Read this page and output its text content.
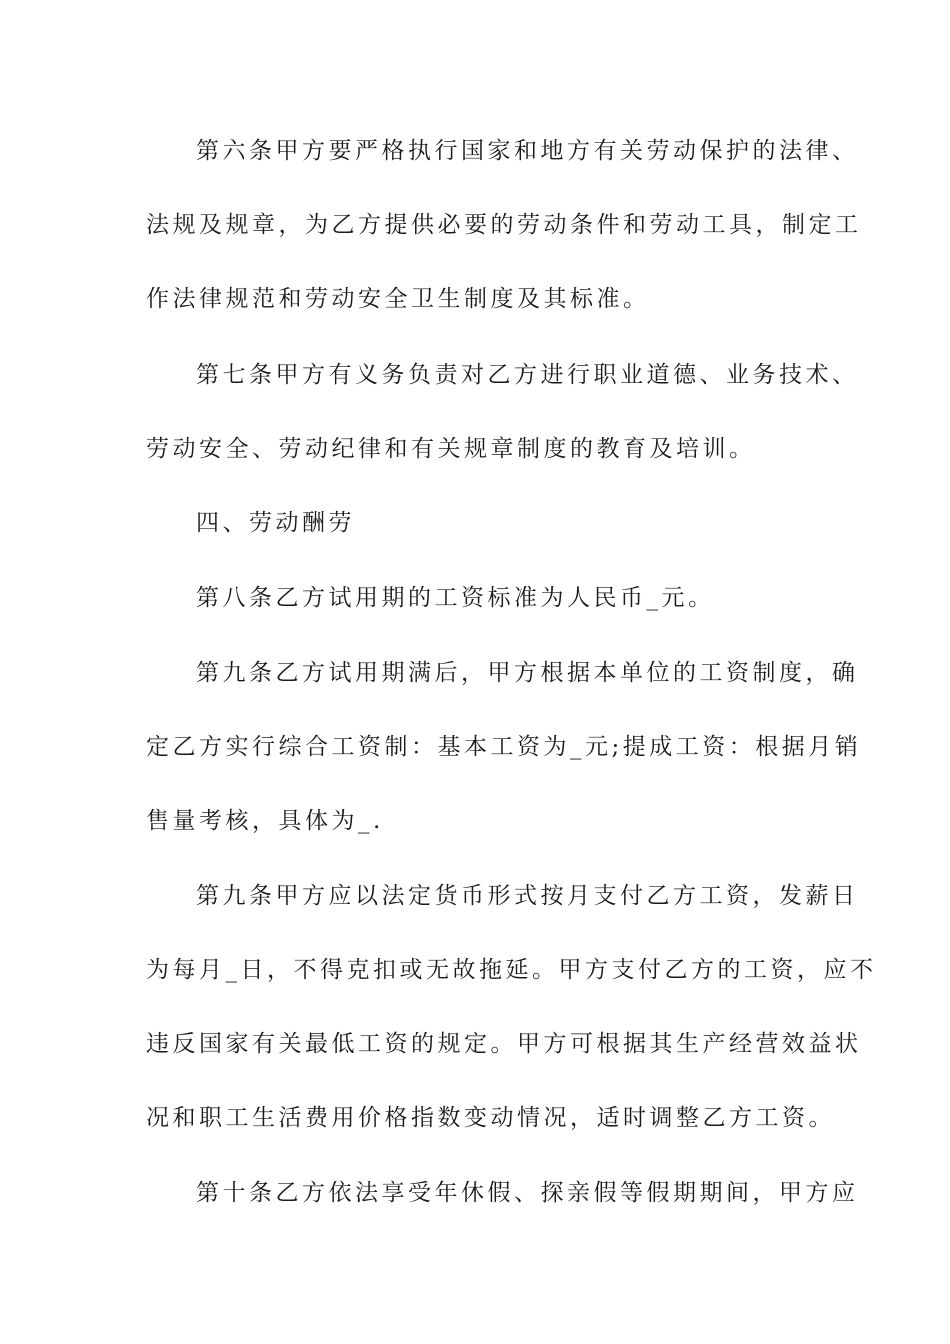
第六条甲方要严格执行国家和地方有关劳动保护的法律、
法规及规章，为乙方提供必要的劳动条件和劳动工具，制定工
作法律规范和劳动安全卫生制度及其标准。
第七条甲方有义务负责对乙方进行职业道德、业务技术、
劳动安全、劳动纪律和有关规章制度的教育及培训。
四、劳动酬劳
第八条乙方试用期的工资标准为人民币_元。
第九条乙方试用期满后，甲方根据本单位的工资制度，确
定乙方实行综合工资制：基本工资为_元;提成工资：根据月销
售量考核，具体为_.
第九条甲方应以法定货币形式按月支付乙方工资，发薪日
为每月_日，不得克扣或无故拖延。甲方支付乙方的工资，应不
违反国家有关最低工资的规定。甲方可根据其生产经营效益状
况和职工生活费用价格指数变动情况，适时调整乙方工资。
第十条乙方依法享受年休假、探亲假等假期期间，甲方应
